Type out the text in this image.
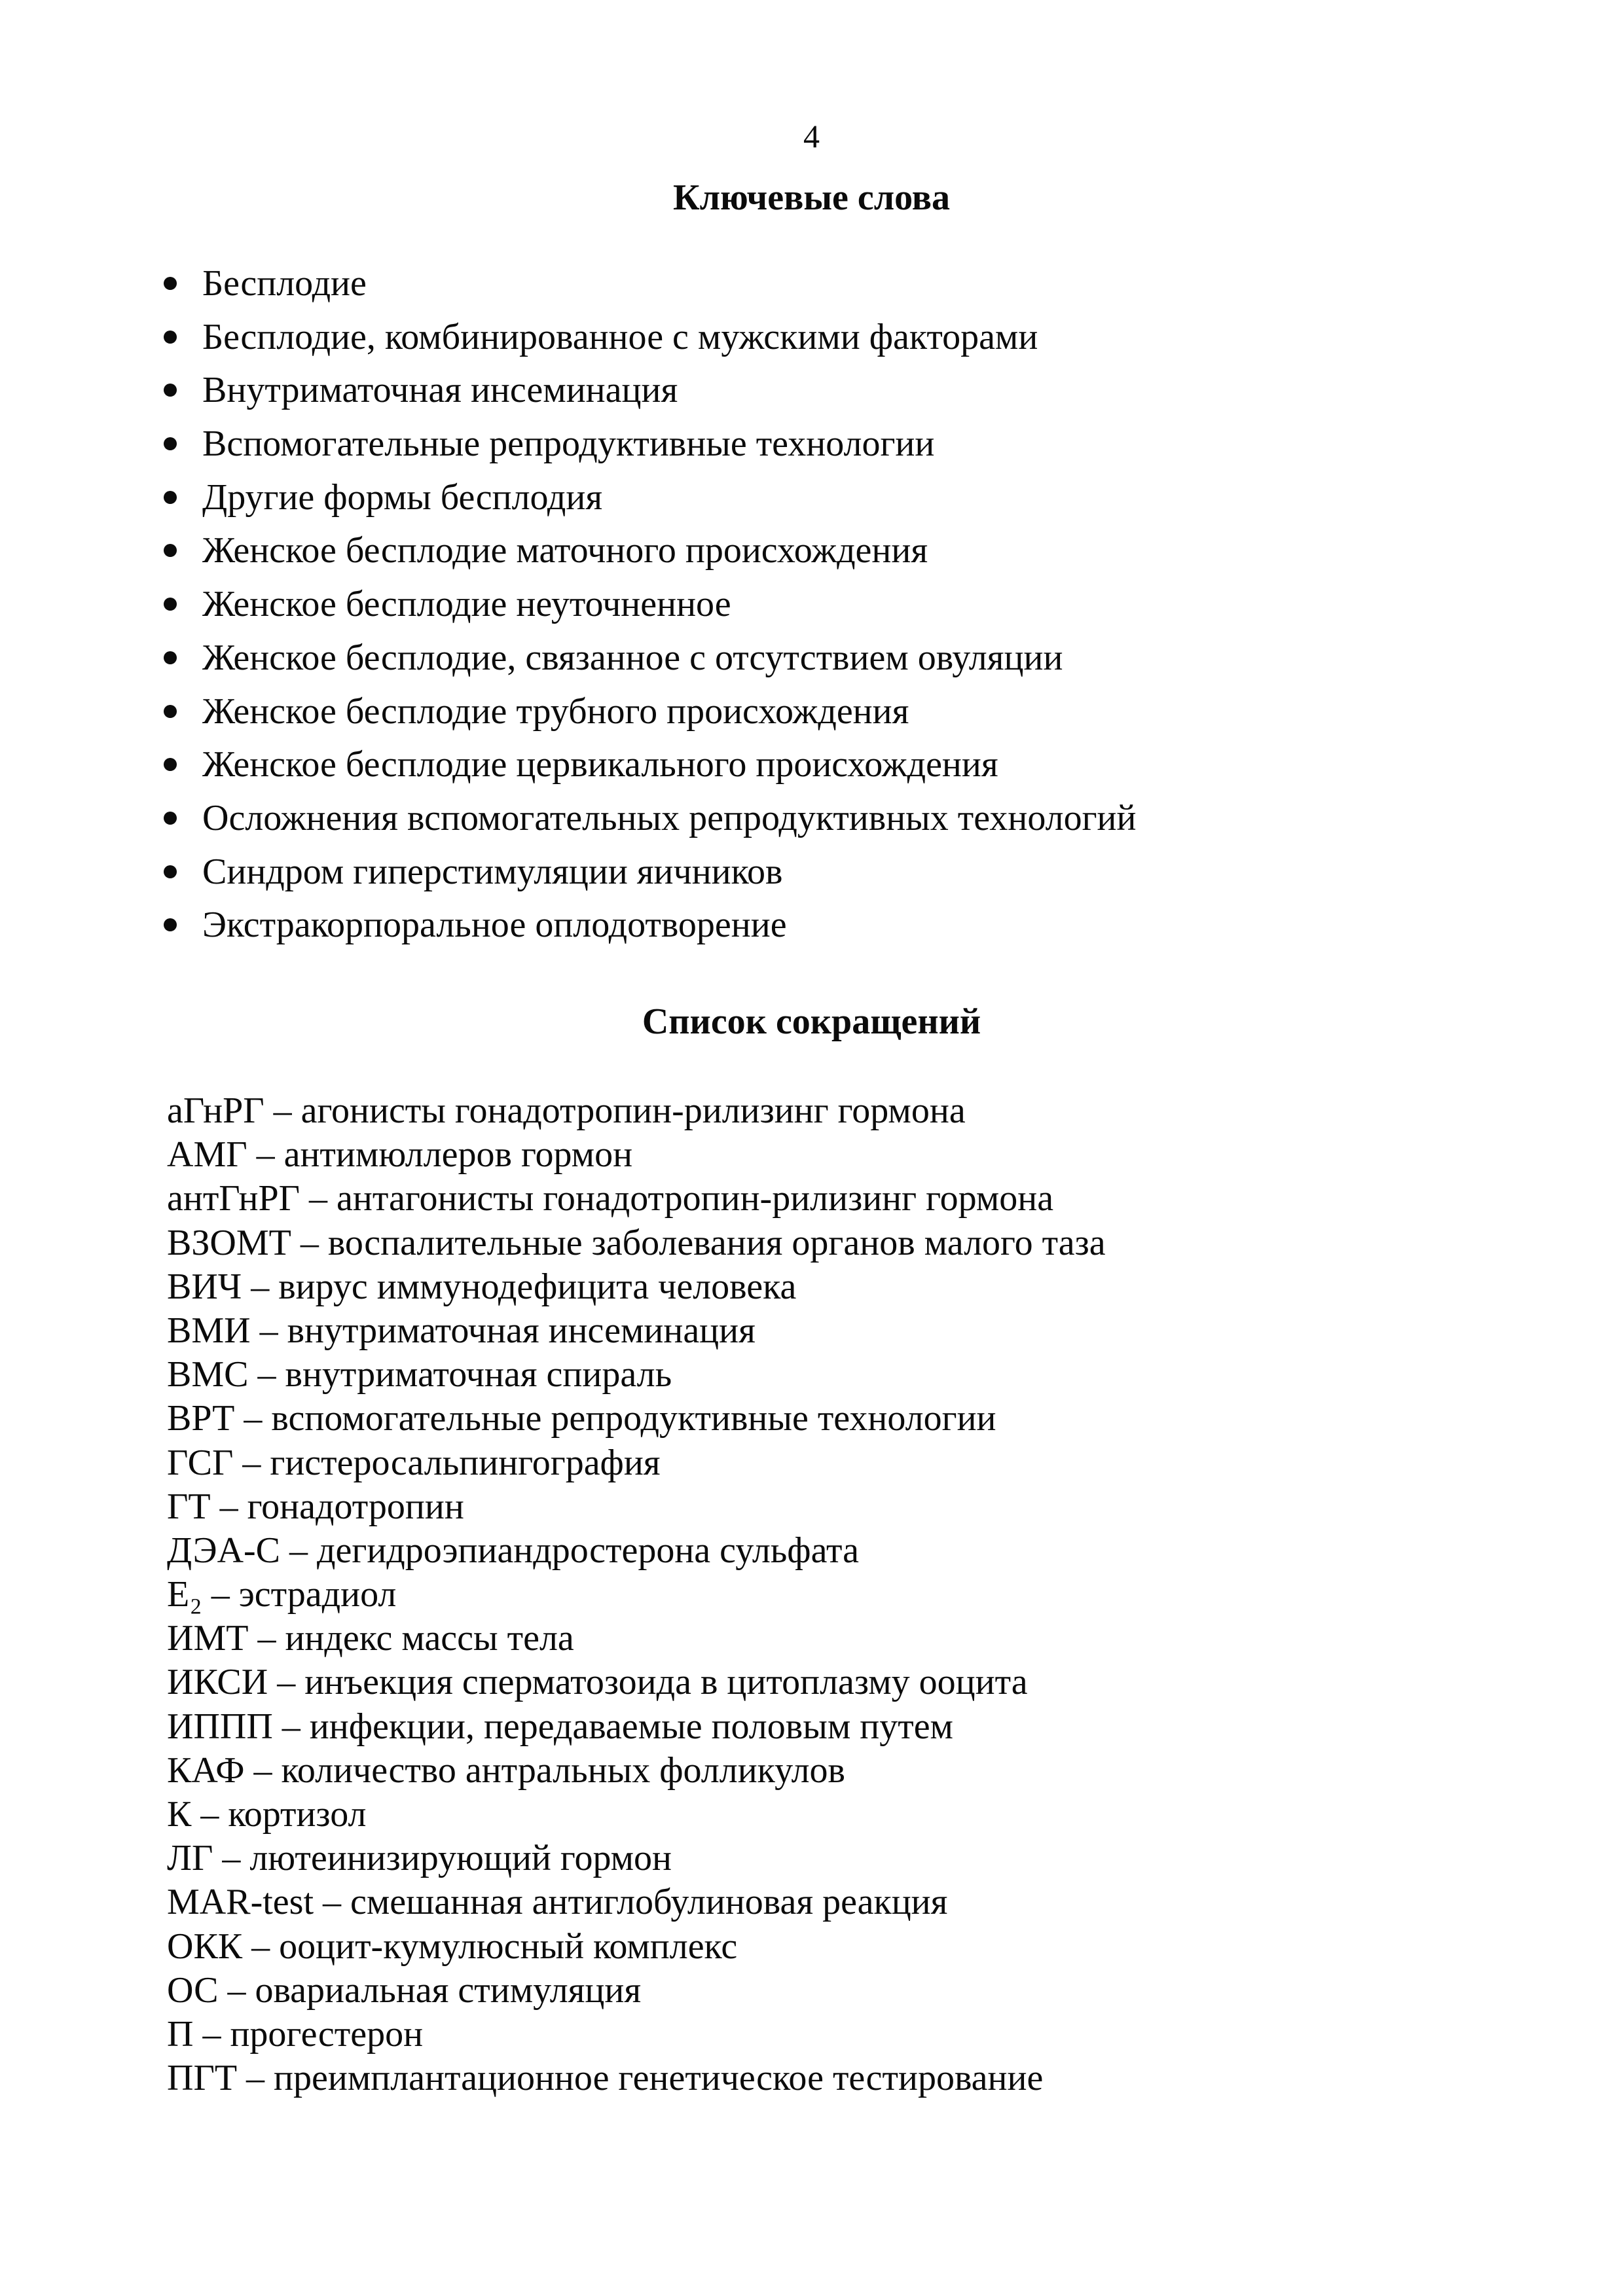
4
Ключевые слова
Бесплодие
Бесплодие, комбинированное с мужскими факторами
Внутриматочная инсеминация
Вспомогательные репродуктивные технологии
Другие формы бесплодия
Женское бесплодие маточного происхождения
Женское бесплодие неуточненное
Женское бесплодие, связанное с отсутствием овуляции
Женское бесплодие трубного происхождения
Женское бесплодие цервикального происхождения
Осложнения вспомогательных репродуктивных технологий
Синдром гиперстимуляции яичников
Экстракорпоральное оплодотворение
Список сокращений
аГнРГ – агонисты гонадотропин-рилизинг гормона
АМГ – антимюллеров гормон
антГнРГ – антагонисты гонадотропин-рилизинг гормона
ВЗОМТ – воспалительные заболевания органов малого таза
ВИЧ – вирус иммунодефицита человека
ВМИ – внутриматочная инсеминация
ВМС – внутриматочная спираль
ВРТ – вспомогательные репродуктивные технологии
ГСГ – гистеросальпингография
ГТ – гонадотропин
ДЭА-С – дегидроэпиандростерона сульфата
E₂ – эстрадиол
ИМТ – индекс массы тела
ИКСИ – инъекция сперматозоида в цитоплазму ооцита
ИППП – инфекции, передаваемые половым путем
КАФ – количество антральных фолликулов
К – кортизол
ЛГ – лютеинизирующий гормон
MAR-test – смешанная антиглобулиновая реакция
ОКК – ооцит-кумулюсный комплекс
ОС – овариальная стимуляция
П – прогестерон
ПГТ – преимплантационное генетическое тестирование
